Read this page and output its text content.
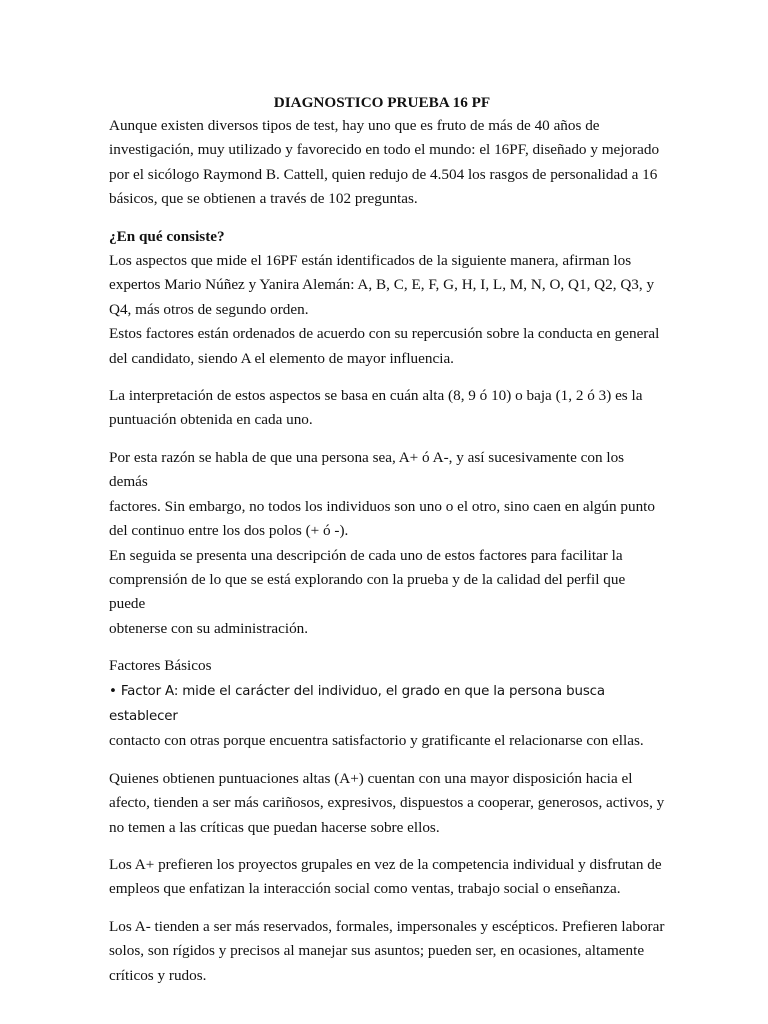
DIAGNOSTICO PRUEBA 16 PF

Aunque existen diversos tipos de test, hay uno que es fruto de más de 40 años de
investigación, muy utilizado y favorecido en todo el mundo: el 16PF, diseñado y mejorado
por el sicólogo Raymond B. Cattell, quien redujo de 4.504 los rasgos de personalidad a 16
básicos, que se obtienen a través de 102 preguntas.

¿En qué consiste?

Los aspectos que mide el 16PF están identificados de la siguiente manera, afirman los
expertos Mario Núñez y Yanira Alemán: A, B, C, E, F, G, H, I, L, M, N, O, Q1, Q2, Q3, y
Q4, más otros de segundo orden.

Estos factores están ordenados de acuerdo con su repercusión sobre la conducta en general
del candidato, siendo A el elemento de mayor influencia.

La interpretación de estos aspectos se basa en cuán alta (8, 9 ó 10) o baja (1, 2 ó 3) es la
puntuación obtenida en cada uno.

Por esta razón se habla de que una persona sea, A+ ó A-, y así sucesivamente con los demás
factores. Sin embargo, no todos los individuos son uno o el otro, sino caen en algún punto
del continuo entre los dos polos (+ ó -).

En seguida se presenta una descripción de cada uno de estos factores para facilitar la
comprensión de lo que se está explorando con la prueba y de la calidad del perfil que puede
obtenerse con su administración.

Factores Básicos

• Factor A: mide el carácter del individuo, el grado en que la persona busca establecer
contacto con otras porque encuentra satisfactorio y gratificante el relacionarse con ellas.

Quienes obtienen puntuaciones altas (A+) cuentan con una mayor disposición hacia el
afecto, tienden a ser más cariñosos, expresivos, dispuestos a cooperar, generosos, activos, y
no temen a las críticas que puedan hacerse sobre ellos.

Los A+ prefieren los proyectos grupales en vez de la competencia individual y disfrutan de
empleos que enfatizan la interacción social como ventas, trabajo social o enseñanza.

Los A- tienden a ser más reservados, formales, impersonales y escépticos. Prefieren laborar
solos, son rígidos y precisos al manejar sus asuntos; pueden ser, en ocasiones, altamente
críticos y rudos.
